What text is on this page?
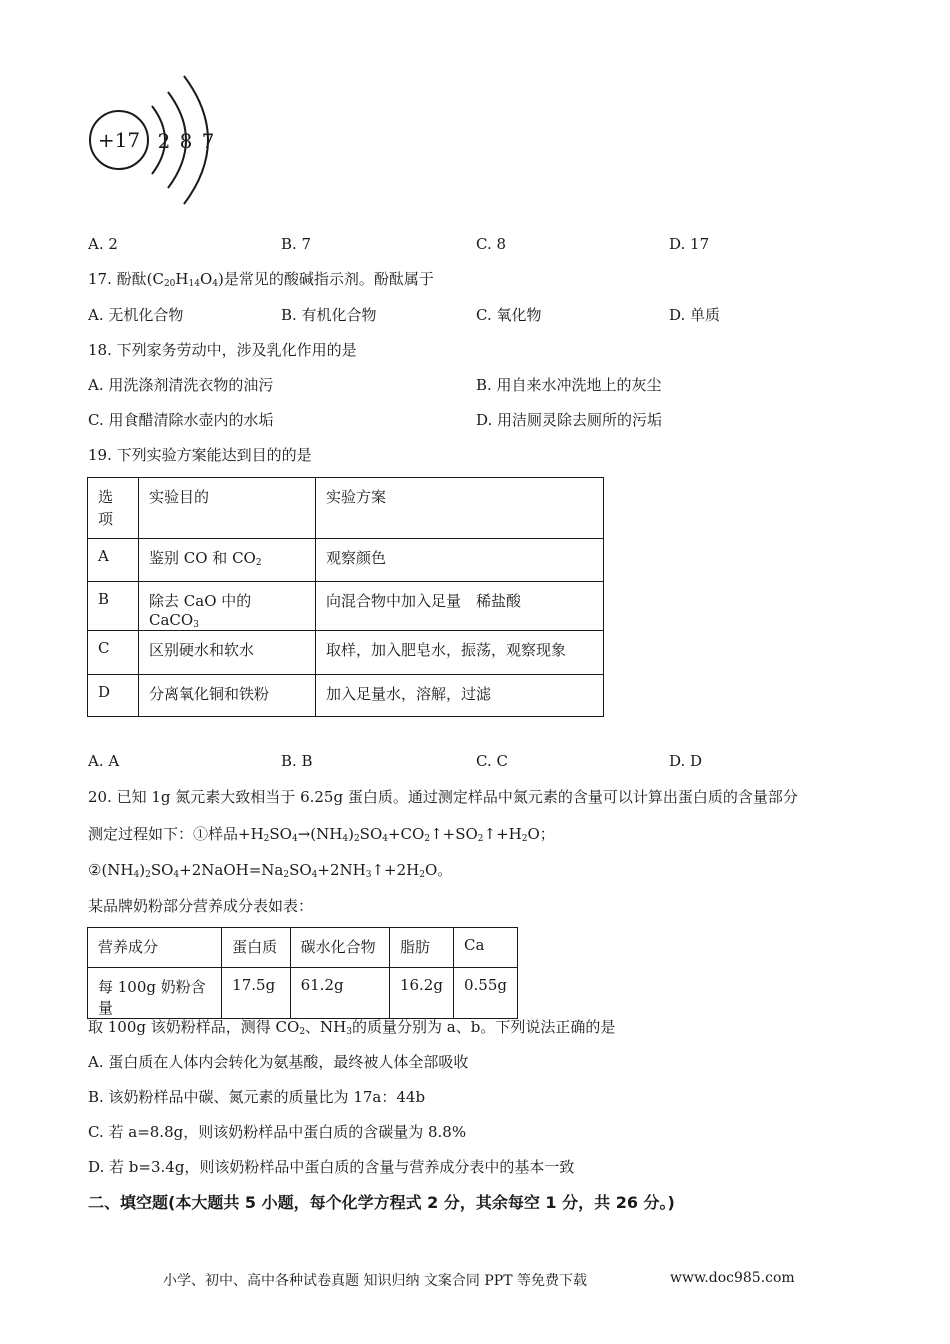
+17 2 8 7
A. 2	B. 7	C. 8	D. 17
17. 酚酞$(C_{20}H_{14}O_4)$是常见的酸碱指示剂。酚酞属于
A. 无机化合物	B. 有机化合物	C. 氧化物	D. 单质
18. 下列家务劳动中，涉及乳化作用的是
A. 用洗涤剂清洗衣物的油污	B. 用自来水冲洗地上的灰尘
C. 用食醋清除水壶内的水垢	D. 用洁厕灵除去厕所的污垢
19. 下列实验方案能达到目的的是
选项	实验目的	实验方案
A	鉴别 CO 和 $CO_2$	观察颜色
B	除去 CaO 中的 CaCO$_3$	向混合物中加入足量　稀盐酸
C	区别硬水和软水	取样，加入肥皂水，振荡，观察现象
D	分离氧化铜和铁粉	加入足量水，溶解，过滤
A. A	B. B	C. C	D. D
20. 已知 1g 氮元素大致相当于 6.25g 蛋白质。通过测定样品中氮元素的含量可以计算出蛋白质的含量部分
测定过程如下：①样品$+H_2SO_4\to(NH_4)_2SO_4+CO_2↑+SO_2↑+H_2O$；
$②(NH_4)_2SO_4+2NaOH=Na_2SO_4+2NH_3↑+2H_2O$。
某品牌奶粉部分营养成分表如表：
营养成分	蛋白质	碳水化合物	脂肪	Ca
每 100g 奶粉含量	17.5g	61.2g	16.2g	0.55g
取 100g 该奶粉样品，测得 $CO_2$、$NH_3$的质量分别为 a、b。下列说法正确的是
A. 蛋白质在人体内会转化为氨基酸，最终被人体全部吸收
B. 该奶粉样品中碳、氮元素的质量比为 17a：44b
C. 若 a=8.8g，则该奶粉样品中蛋白质的含碳量为 8.8%
D. 若 b=3.4g，则该奶粉样品中蛋白质的含量与营养成分表中的基本一致
二、填空题(本大题共 5 小题，每个化学方程式 2 分，其余每空 1 分，共 26 分。)
小学、初中、高中各种试卷真题 知识归纳 文案合同 PPT 等免费下载	www.doc985.com
